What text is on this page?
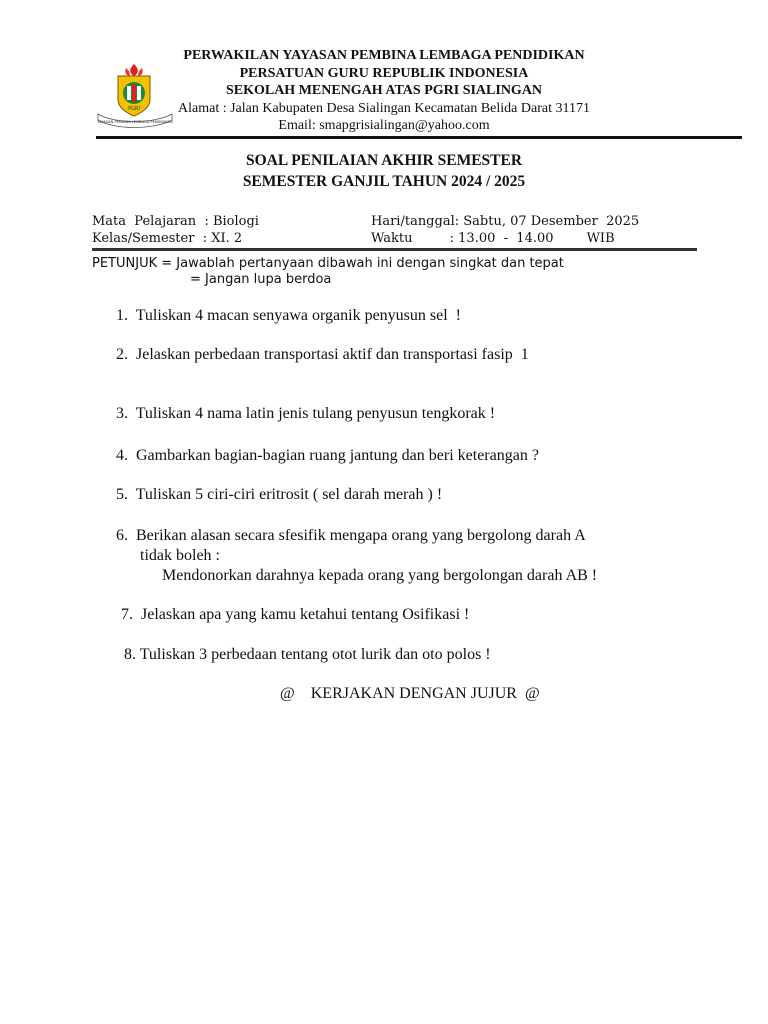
PERWAKILAN YAYASAN PEMBINA LEMBAGA PENDIDIKAN
PERSATUAN GURU REPUBLIK INDONESIA
SEKOLAH MENENGAH ATAS PGRI SIALINGAN
Alamat : Jalan Kabupaten Desa Sialingan Kecamatan Belida Darat 31171
Email: smapgrisialingan@yahoo.com
PGRI
YAYASAN PEMBINA LEMBAGA PENDIDIKAN
SOAL PENILAIAN AKHIR SEMESTER
SEMESTER GANJIL TAHUN 2024 / 2025
Mata  Pelajaran  : Biologi
Kelas/Semester  : XI. 2
Hari/tanggal: Sabtu, 07 Desember  2025
Waktu         : 13.00  -  14.00        WIB
PETUNJUK = Jawablah pertanyaan dibawah ini dengan singkat dan tepat
= Jangan lupa berdoa
1.  Tuliskan 4 macan senyawa organik penyusun sel  !
2.  Jelaskan perbedaan transportasi aktif dan transportasi fasip  1
3.  Tuliskan 4 nama latin jenis tulang penyusun tengkorak !
4.  Gambarkan bagian-bagian ruang jantung dan beri keterangan ?
5.  Tuliskan 5 ciri-ciri eritrosit ( sel darah merah ) !
6.  Berikan alasan secara sfesifik mengapa orang yang bergolong darah A
tidak boleh :
Mendonorkan darahnya kepada orang yang bergolongan darah AB !
7.  Jelaskan apa yang kamu ketahui tentang Osifikasi !
8. Tuliskan 3 perbedaan tentang otot lurik dan oto polos !
@    KERJAKAN DENGAN JUJUR  @
